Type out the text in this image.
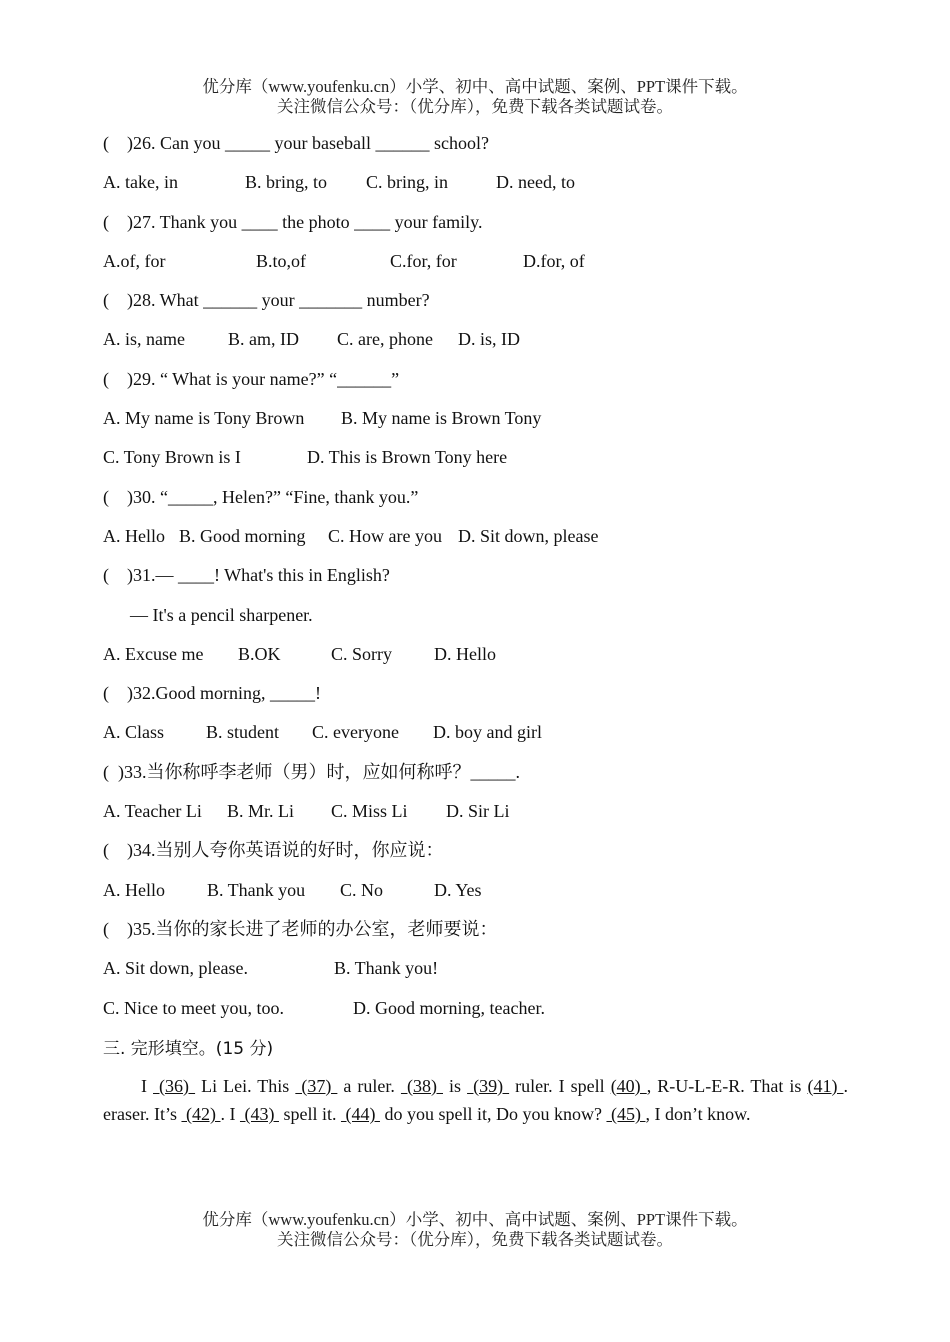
优分库（www.youfenku.cn）小学、初中、高中试题、案例、PPT课件下载。
关注微信公众号：（优分库），免费下载各类试题试卷。
(    )26. Can you _____ your baseball ______ school?
A. take, in	B. bring, to	C. bring, in	D. need, to
(    )27. Thank you ____ the photo ____ your family.
A.of, for	B.to,of	C.for, for	D.for, of
(    )28. What ______ your _______ number?
A. is, name	B. am, ID	C. are, phone	D. is, ID
(    )29. “ What is your name?” “______”
A. My name is Tony Brown	B. My name is Brown Tony
C. Tony Brown is I	D. This is Brown Tony here
(    )30. “_____, Helen?” “Fine, thank you.”
A. Hello B. Good morning	C. How are you D. Sit down, please
(    )31.— ____! What's this in English?
— It's a pencil sharpener.
A. Excuse me	B.OK	C. Sorry	D. Hello
(    )32.Good morning, _____!
A. Class	B. student	C. everyone	D. boy and girl
(  )33.当你称呼李老师（男）时，应如何称呼？_____.
A. Teacher Li	B. Mr. Li	C. Miss Li	D. Sir Li
(    )34.当别人夸你英语说的好时，你应说：
A. Hello	B. Thank you	C. No	D. Yes
(    )35.当你的家长进了老师的办公室，老师要说：
A. Sit down, please.	B. Thank you!
C. Nice to meet you, too.	D. Good morning, teacher.
三. 完形填空。(15 分)
I  (36)  Li Lei. This  (37)  a ruler.  (38)  is  (39)  ruler. I spell (40) , R-U-L-E-R. That is (41) . eraser. It’s  (42) . I  (43)  spell it.  (44)  do you spell it, Do you know?  (45) , I don’t know.
优分库（www.youfenku.cn）小学、初中、高中试题、案例、PPT课件下载。
关注微信公众号：（优分库），免费下载各类试题试卷。
